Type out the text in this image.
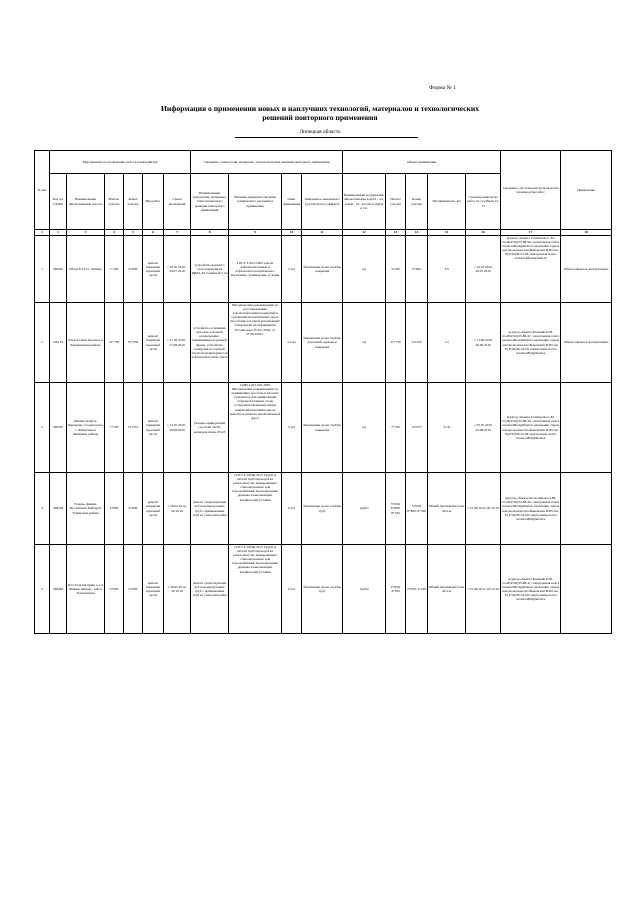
Форма № 1
Информация о применении новых и наилучших технологий, материалов и технологических решений повторного применения
Липецкая область
№ п/п	Мероприятие по проведению работ в рамках БКАД						Сведения о технологии, материале, технологическом решении повторного применения				Объект применения					Сведения о системе контроля качества производства работ	Примечание
	Код а/д СКДФ	Наименование автомобильной дороги	Начало участка	Конец участка	Вид работ	Сроки проведения	Наименование технологии, материала, технологического решения повторного применения	Наличие документа системы технического регламента применения	Опыт применения	Ожидаемое ожидаемого (достигнутого) эффекта	Наименование сооружения: автомобильная дорога - а/д, улица - ул., мосты и трубы и т.п.	Начало участка	Конец участка	Протяженность, км	Сроки производства работ по столбцам 12-13		
1	2	3	4	5	6	7	8	9	10	11	12	13	14	15	16	17	18
1	369910	Обход ЕТЗ в г. Липецк	5+100	9+000	ремонт покрытия проезжей части	с 10.07.2019 - 29.07.2019	устройство верхнего слоя покрытия из ЩМА-20 толщиной 5 см	ГОСТ 31015-2002 Смеси асфальтобетонные и асфальтобетон щебеночно-мастичные. Технические условия	5 лет	Увеличение срока службы покрытия	а/д	5+100	9+000	3.9	с 10.07.2019 29.07.2019	куратор объекта Семенцова С.М. тел.8(4742)35-88-56, электронная почта avtador48osd@mail.ru начальник отдела контроля качества Быковских В.Ю.тел. 8(4742)36-52-09 электронная почта avtador-48osd@mail.ru	Объект введен в эксплуатацию
2	370123	Ельц-Толмач-Красное в Краснинском районе	31+750	33+250	ремонт покрытия проезжей части	с 17.05.2019 - 27.08.2019	устройство основания методом холодной регенерации с применением дорожной фрезы, устройство покрытия из горячей плотной мелкозернистой асфальтобетонной смеси	Методические рекомендации по восстановлению асфальтобетонных покрытий и оснований автомобильных дорог способами холодной регенерации" Утверждено распоряжением Росавтодора № ОС-568 р от 27.06.2002 г.	4 года	Увеличение срока службы дорожной одежды и покрытия	а/д	31+750	33+250	1.5	с 11.06.2019 26.06.2019	куратор объекта Калинин И.Н. тел.8(4742)35-88-47, электронная почта avtador48osd@mail.ru начальник отдела контроля качества Быковских В.Ю.тел. 8 (4742)36-52-09 электронная почта avtador48sd@mail.ru	Объект введен в эксплуатацию
3	369435	Лавшва-Доброе-Чаплыгин с подъездом к с. Филатовка в Липецком районе	7+795	13+975	ремонт покрытия проезжей части	с 15.07.2019 - 20.09.2019	укладка армирующей геосетки 50/50, размером ячеек 25х25	ОДМ 218.5.003-2009 Методические рекомендации по применению геосеток и плоских георешеток для армирования асфальтобетонных слоев усовершенствованных видов покрытий при капитальном ремонте и ремонте автомобильных дорог	5 лет	Увеличение срока службы покрытия	а/д	7+795	13+975	6.18	с 05.07.2019 22.08.2019	куратор объекта Семенцова С.М. тел.8(4742)35-88-56, электронная почта avtador48osd@mail.ru начальник отдела контроля качества Быковских В.Ю.тел. 8(4742)36-52-09 электронная почта avtador48sd@mail.ru	
4	369504	Усмань-Девица-Пустошки в Байбарах Усманском районе	4+800	9+000	ремонт покрытия проезжей части	с 18.04.19 по 20.10.19	ремонт существующих ж/б водопропускных труб с применением труб из стеклопластика	ГОСТ Р 54560-2015 Трубы и детали трубопроводов из реактопластов, армированных стекловолокном, для водоснабжения, водоотведения, дренажа и канализации. Технические условия	6 лет	Увеличение срока службы труб	трубы	5+050; 6+800; 8+520	5+050; 6+800; 8+520	Общей протяженностью 40 п.м	с 01.08.19 по 20.10.19	куратор объекта Колесникова О.Ю. тел.8(4742)35-88-49, электронная почта avtador48osd@mail.ru начальник отдела контроля качества Быковских В.Ю.тел. 8 (4742)36-52-09 электронная почта avtador48sd@mail.ru	
5	369484	Пол Телетой прим. к а/д Липецк-Данков - х.Бел. Телеловском	0+000	6+000	ремонт покрытия проезжей части	с 20.05.20 по 30.10.19	ремонт существующих ж/б водопропускных труб с применением труб из стеклопластика	ГОСТ Р 54560-2015 Трубы и детали трубопроводов из реактопластов, армированных стекловолокном, для водоснабжения, водоотведения, дренажа и канализации. Технические условия	6 лет	Увеличение срока службы труб	трубы	2+650; 4+220	2+650; 4+220	Общей протяженностью 42 п.м	с 01.08.19 по 18.10.19	куратор объекта Калинин И.Н. тел.8(4742)35-88-47, электронная почта avtador48osd@mail.ru начальник отдела контроля качества Быковских В.Ю.тел. 8 (4742)36-52-09 электронная почта avtador48sd@mail.ru	
